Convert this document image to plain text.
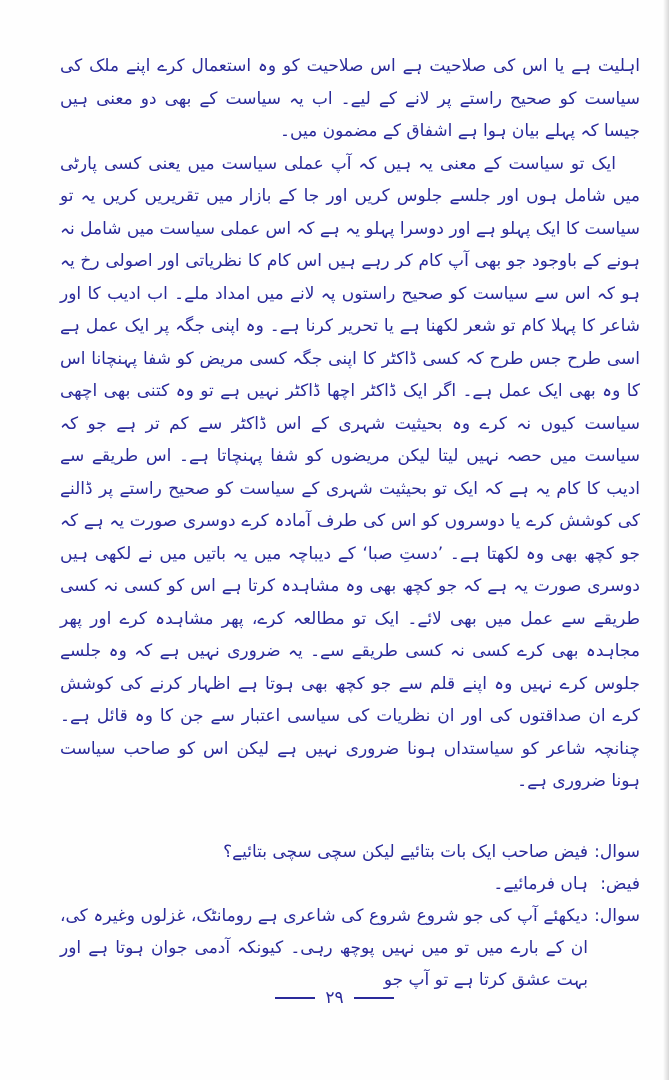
اہلیت ہے یا اس کی صلاحیت ہے اس صلاحیت کو وہ استعمال کرے اپنے ملک کی سیاست کو صحیح راستے پر لانے کے لیے۔ اب یہ سیاست کے بھی دو معنی ہیں جیسا کہ پہلے بیان ہوا ہے اشفاق کے مضمون میں۔

ایک تو سیاست کے معنی یہ ہیں کہ آپ عملی سیاست میں یعنی کسی پارٹی میں شامل ہوں اور جلسے جلوس کریں اور جا کے بازار میں تقریریں کریں یہ تو سیاست کا ایک پہلو ہے اور دوسرا پہلو یہ ہے کہ اس عملی سیاست میں شامل نہ ہونے کے باوجود جو بھی آپ کام کر رہے ہیں اس کام کا نظریاتی اور اصولی رخ یہ ہو کہ اس سے سیاست کو صحیح راستوں پہ لانے میں امداد ملے۔ اب ادیب کا اور شاعر کا پہلا کام تو شعر لکھنا ہے یا تحریر کرنا ہے۔ وہ اپنی جگہ پر ایک عمل ہے اسی طرح جس طرح کہ کسی ڈاکٹر کا اپنی جگہ کسی مریض کو شفا پہنچانا اس کا وہ بھی ایک عمل ہے۔ اگر ایک ڈاکٹر اچھا ڈاکٹر نہیں ہے تو وہ کتنی بھی اچھی سیاست کیوں نہ کرے وہ بحیثیت شہری کے اس ڈاکٹر سے کم تر ہے جو کہ سیاست میں حصہ نہیں لیتا لیکن مریضوں کو شفا پہنچاتا ہے۔ اس طریقے سے ادیب کا کام یہ ہے کہ ایک تو بحیثیت شہری کے سیاست کو صحیح راستے پر ڈالنے کی کوشش کرے یا دوسروں کو اس کی طرف آمادہ کرے دوسری صورت یہ ہے کہ جو کچھ بھی وہ لکھتا ہے۔ ’دستِ صبا‘ کے دیباچہ میں یہ باتیں میں نے لکھی ہیں دوسری صورت یہ ہے کہ جو کچھ بھی وہ مشاہدہ کرتا ہے اس کو کسی نہ کسی طریقے سے عمل میں بھی لائے۔ ایک تو مطالعہ کرے، پھر مشاہدہ کرے اور پھر مجاہدہ بھی کرے کسی نہ کسی طریقے سے۔ یہ ضروری نہیں ہے کہ وہ جلسے جلوس کرے نہیں وہ اپنے قلم سے جو کچھ بھی ہوتا ہے اظہار کرنے کی کوشش کرے ان صداقتوں کی اور ان نظریات کی سیاسی اعتبار سے جن کا وہ قائل ہے۔ چنانچہ شاعر کو سیاستداں ہونا ضروری نہیں ہے لیکن اس کو صاحب سیاست ہونا ضروری ہے۔

سوال:
فیض صاحب ایک بات بتائیے لیکن سچی سچی بتائیے؟
فیض:
ہاں فرمائیے۔
سوال:
دیکھئے آپ کی جو شروع شروع کی شاعری ہے رومانٹک، غزلوں وغیرہ کی، ان کے بارے میں تو میں نہیں پوچھ رہی۔ کیونکہ آدمی جوان ہوتا ہے اور بہت عشق کرتا ہے تو آپ جو
۲۹
